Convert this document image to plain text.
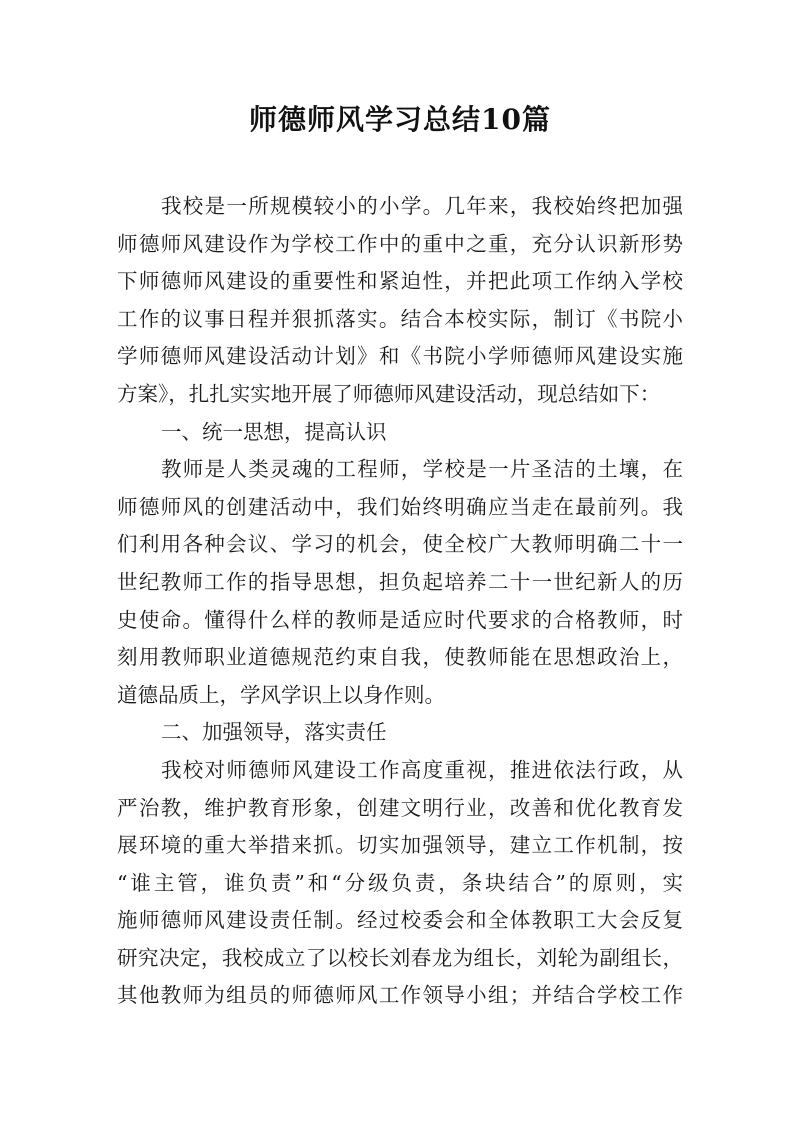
师德师风学习总结10篇
我校是一所规模较小的小学。几年来，我校始终把加强
师德师风建设作为学校工作中的重中之重，充分认识新形势
下师德师风建设的重要性和紧迫性，并把此项工作纳入学校
工作的议事日程并狠抓落实。结合本校实际，制订《书院小
学师德师风建设活动计划》和《书院小学师德师风建设实施
方案》，扎扎实实地开展了师德师风建设活动，现总结如下：
一、统一思想，提高认识
教师是人类灵魂的工程师，学校是一片圣洁的土壤，在
师德师风的创建活动中，我们始终明确应当走在最前列。我
们利用各种会议、学习的机会，使全校广大教师明确二十一
世纪教师工作的指导思想，担负起培养二十一世纪新人的历
史使命。懂得什么样的教师是适应时代要求的合格教师，时
刻用教师职业道德规范约束自我，使教师能在思想政治上，
道德品质上，学风学识上以身作则。
二、加强领导，落实责任
我校对师德师风建设工作高度重视，推进依法行政，从
严治教，维护教育形象，创建文明行业，改善和优化教育发
展环境的重大举措来抓。切实加强领导，建立工作机制，按
“谁主管，谁负责”和“分级负责，条块结合”的原则，实
施师德师风建设责任制。经过校委会和全体教职工大会反复
研究决定，我校成立了以校长刘春龙为组长，刘轮为副组长，
其他教师为组员的师德师风工作领导小组；并结合学校工作
